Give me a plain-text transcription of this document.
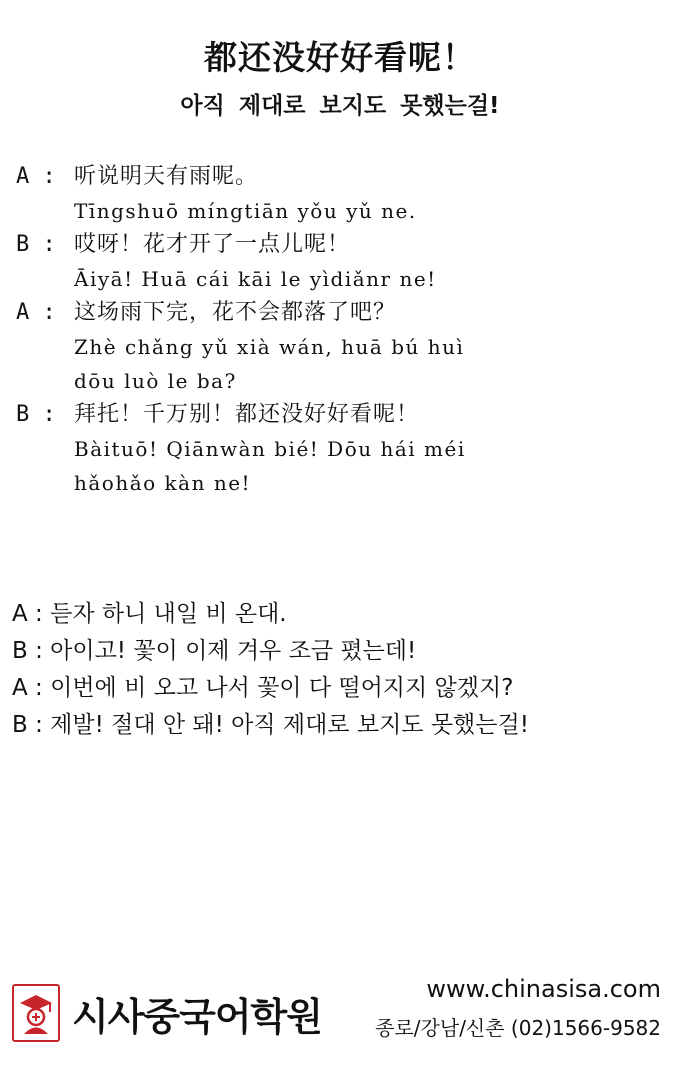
都还没好好看呢！
아직 제대로 보지도 못했는걸!
A : 听说明天有雨呢。
Tīngshuō míngtiān yǒu yǔ ne.
B : 哎呀！花才开了一点儿呢！
Āiyā! Huā cái kāi le yìdiǎnr ne!
A : 这场雨下完，花不会都落了吧？
Zhè chǎng yǔ xià wán, huā bú huì
dōu luò le ba?
B : 拜托！千万别！都还没好好看呢！
Bàituō! Qiānwàn bié! Dōu hái méi
hǎohǎo kàn ne!
A : 듣자 하니 내일 비 온대.
B : 아이고! 꽃이 이제 겨우 조금 폈는데!
A : 이번에 비 오고 나서 꽃이 다 떨어지지 않겠지?
B : 제발! 절대 안 돼! 아직 제대로 보지도 못했는걸!
시사중국어학원
www.chinasisa.com
종로/강남/신촌 (02)1566-9582
